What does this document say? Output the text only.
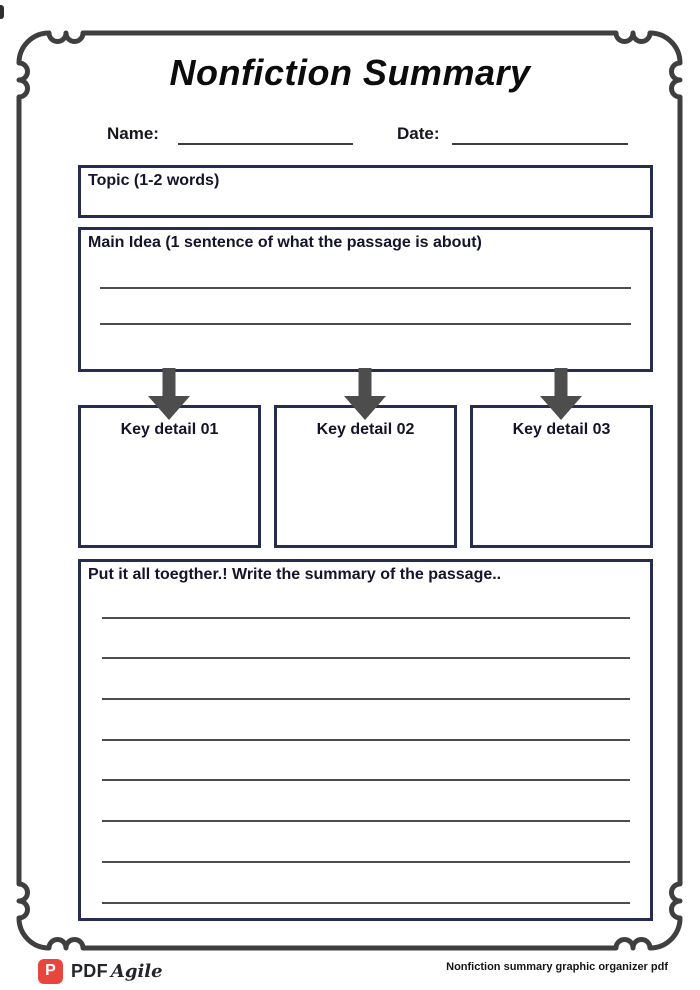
Nonfiction Summary
Name:	Date:
Topic (1-2 words)
Main Idea (1 sentence of what the passage is about)
Key detail 01	Key detail 02	Key detail 03
Put it all toegther.! Write the summary of the passage..
P PDF Agile	Nonfiction summary graphic organizer pdf
